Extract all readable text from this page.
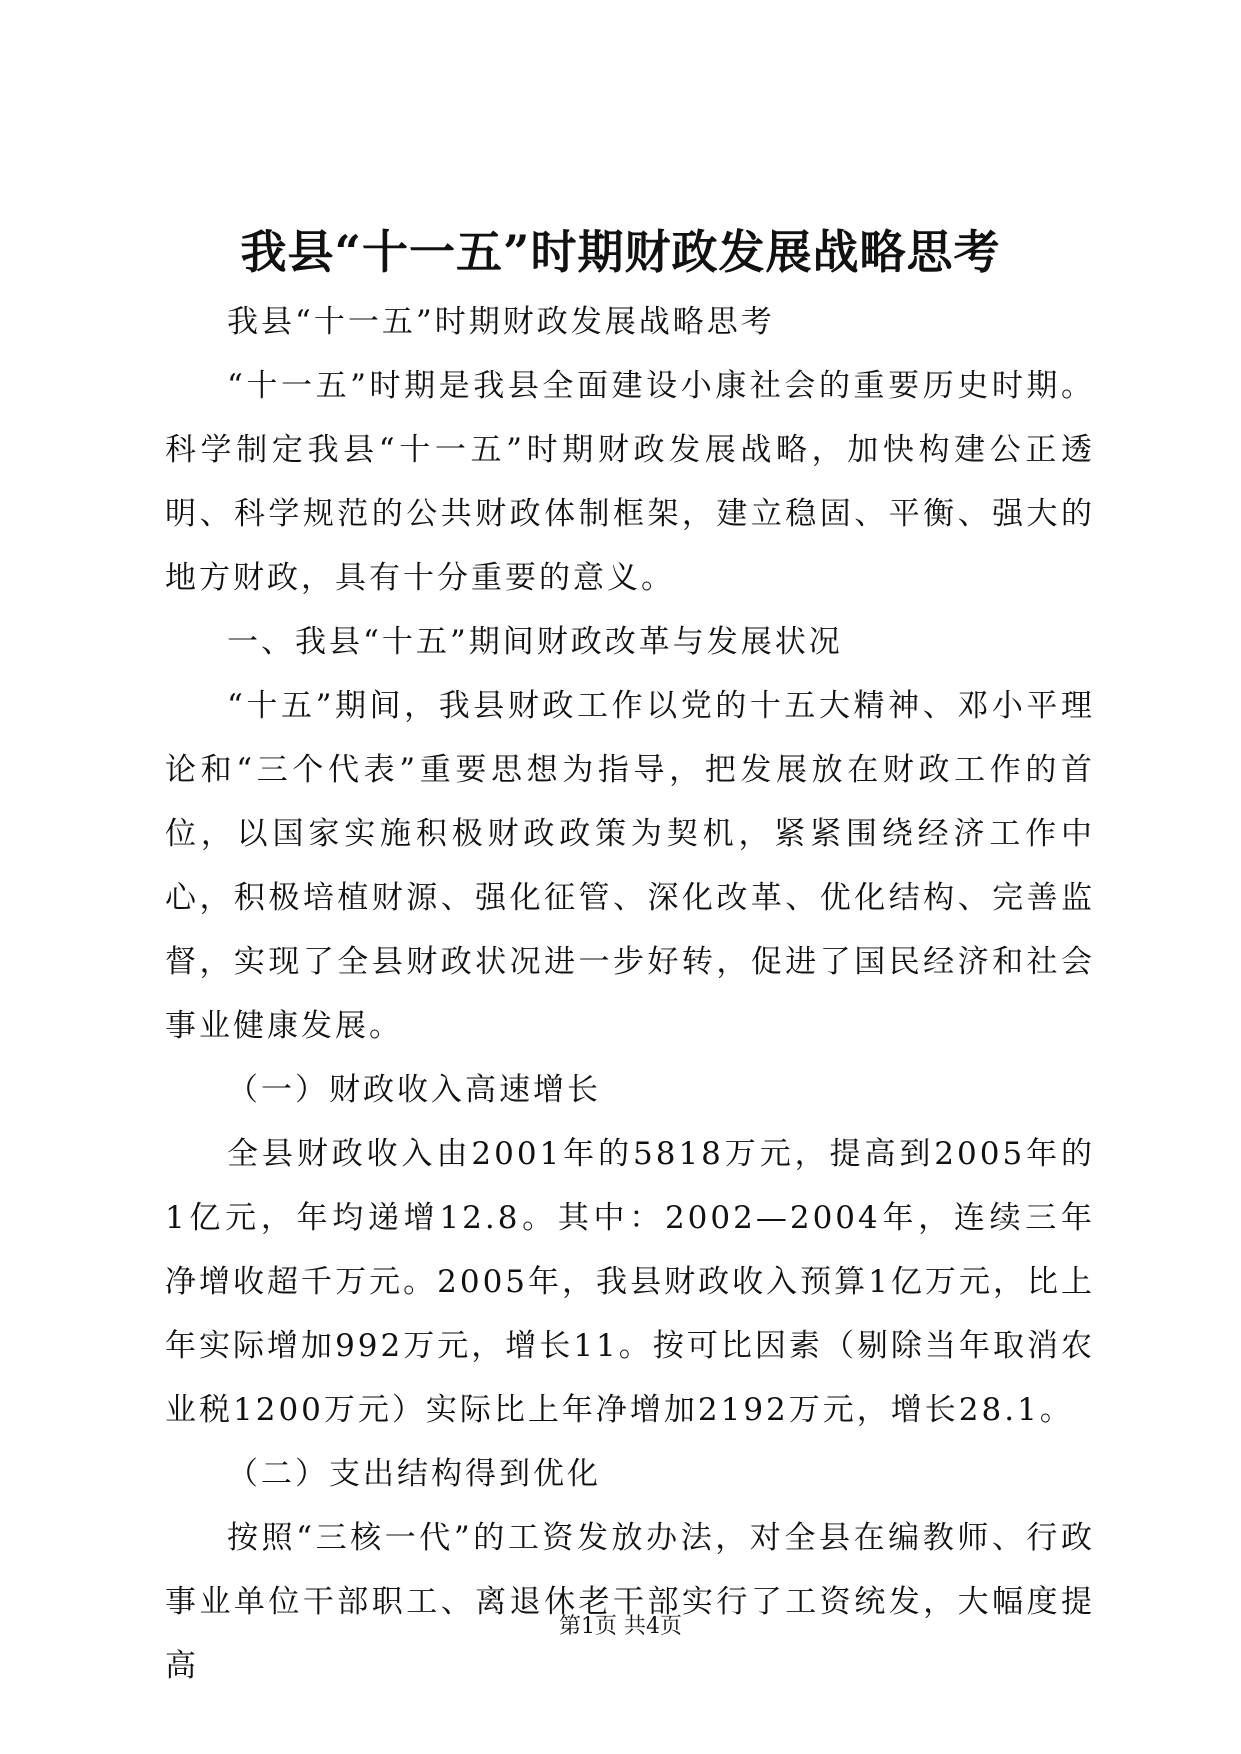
我县“十一五”时期财政发展战略思考

我县“十一五”时期财政发展战略思考

“十一五”时期是我县全面建设小康社会的重要历史时期。科学制定我县“十一五”时期财政发展战略，加快构建公正透明、科学规范的公共财政体制框架，建立稳固、平衡、强大的地方财政，具有十分重要的意义。

一、我县“十五”期间财政改革与发展状况

“十五”期间，我县财政工作以党的十五大精神、邓小平理论和“三个代表”重要思想为指导，把发展放在财政工作的首位，以国家实施积极财政政策为契机，紧紧围绕经济工作中心，积极培植财源、强化征管、深化改革、优化结构、完善监督，实现了全县财政状况进一步好转，促进了国民经济和社会事业健康发展。

（一）财政收入高速增长

全县财政收入由2001年的5818万元，提高到2005年的1亿元，年均递增12.8。其中：2002—2004年，连续三年净增收超千万元。2005年，我县财政收入预算1亿万元，比上年实际增加992万元，增长11。按可比因素（剔除当年取消农业税1200万元）实际比上年净增加2192万元，增长28.1。

（二）支出结构得到优化

按照“三核一代”的工资发放办法，对全县在编教师、行政事业单位干部职工、离退休老干部实行了工资统发，大幅度提高

第1页 共4页
